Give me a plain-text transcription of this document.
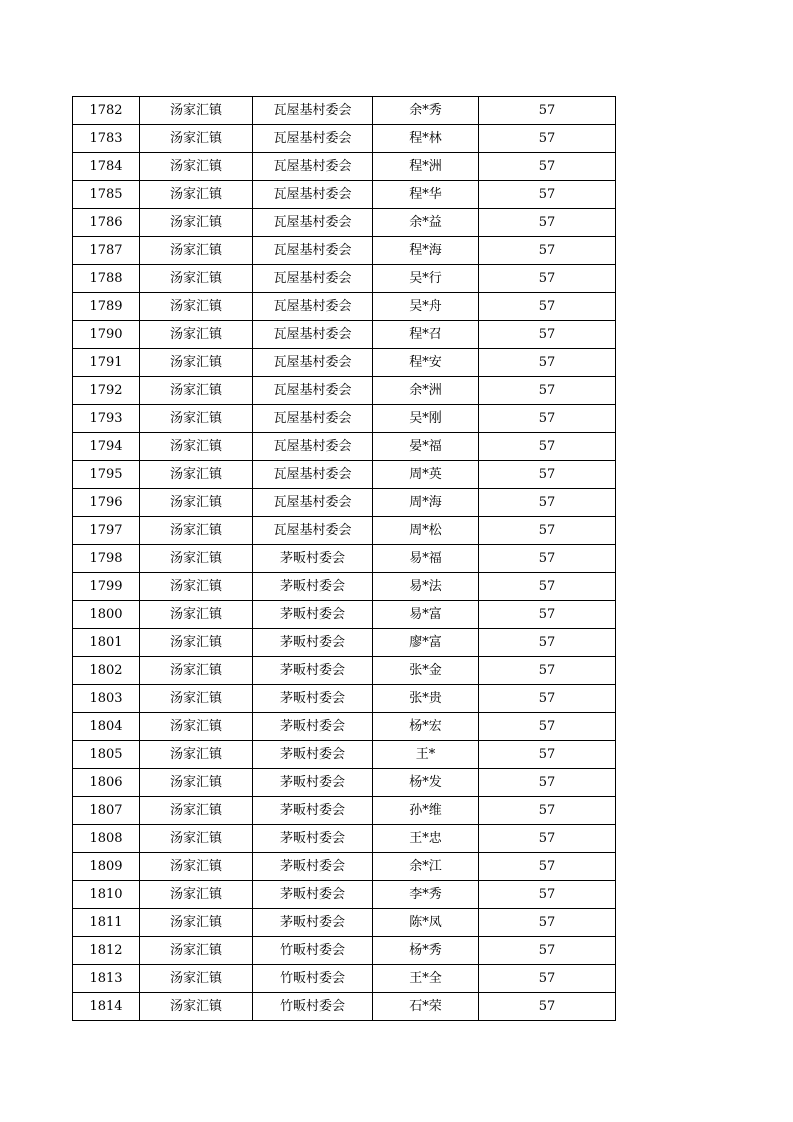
1782	汤家汇镇	瓦屋基村委会	余*秀	57
1783	汤家汇镇	瓦屋基村委会	程*林	57
1784	汤家汇镇	瓦屋基村委会	程*洲	57
1785	汤家汇镇	瓦屋基村委会	程*华	57
1786	汤家汇镇	瓦屋基村委会	余*益	57
1787	汤家汇镇	瓦屋基村委会	程*海	57
1788	汤家汇镇	瓦屋基村委会	吴*行	57
1789	汤家汇镇	瓦屋基村委会	吴*舟	57
1790	汤家汇镇	瓦屋基村委会	程*召	57
1791	汤家汇镇	瓦屋基村委会	程*安	57
1792	汤家汇镇	瓦屋基村委会	余*洲	57
1793	汤家汇镇	瓦屋基村委会	吴*刚	57
1794	汤家汇镇	瓦屋基村委会	晏*福	57
1795	汤家汇镇	瓦屋基村委会	周*英	57
1796	汤家汇镇	瓦屋基村委会	周*海	57
1797	汤家汇镇	瓦屋基村委会	周*松	57
1798	汤家汇镇	茅畈村委会	易*福	57
1799	汤家汇镇	茅畈村委会	易*法	57
1800	汤家汇镇	茅畈村委会	易*富	57
1801	汤家汇镇	茅畈村委会	廖*富	57
1802	汤家汇镇	茅畈村委会	张*金	57
1803	汤家汇镇	茅畈村委会	张*贵	57
1804	汤家汇镇	茅畈村委会	杨*宏	57
1805	汤家汇镇	茅畈村委会	王*	57
1806	汤家汇镇	茅畈村委会	杨*发	57
1807	汤家汇镇	茅畈村委会	孙*维	57
1808	汤家汇镇	茅畈村委会	王*忠	57
1809	汤家汇镇	茅畈村委会	余*江	57
1810	汤家汇镇	茅畈村委会	李*秀	57
1811	汤家汇镇	茅畈村委会	陈*凤	57
1812	汤家汇镇	竹畈村委会	杨*秀	57
1813	汤家汇镇	竹畈村委会	王*全	57
1814	汤家汇镇	竹畈村委会	石*荣	57
